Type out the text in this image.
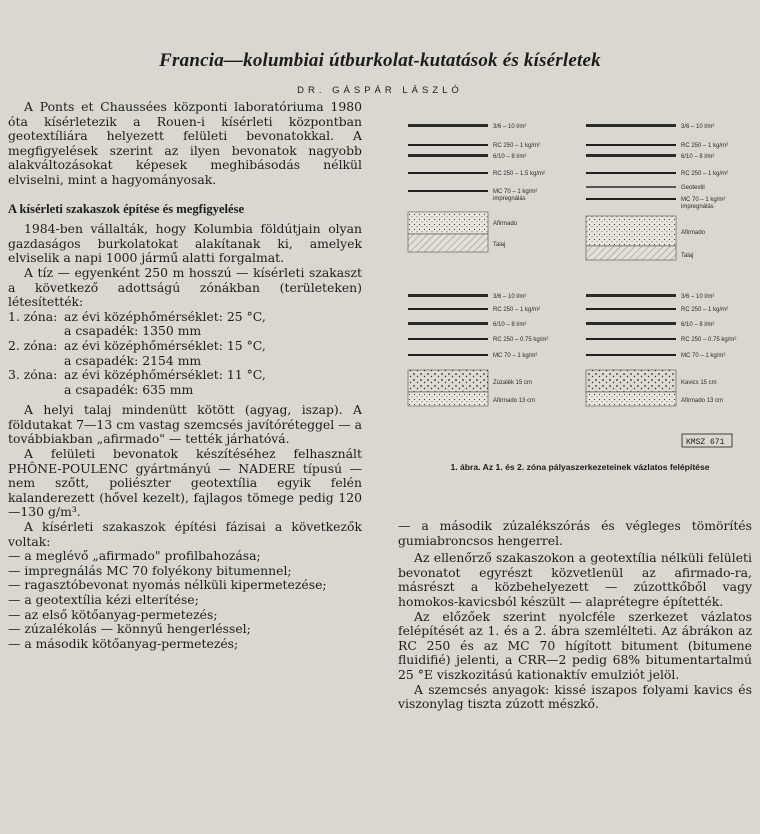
Francia—kolumbiai útburkolat-kutatások és kísérletek
DR. GÁSPÁR LÁSZLÓ

A Ponts et Chaussées központi laboratóriuma 1980 óta kísérletezik a Rouen-i kísérleti központban geotextíliára helyezett felületi bevonatokkal. A megfigyelések szerint az ilyen bevonatok nagyobb alakváltozásokat képesek meghibásodás nélkül elviselni, mint a hagyományosak.

A kísérleti szakaszok építése és megfigyelése

1984-ben vállalták, hogy Kolumbia földútjain olyan gazdaságos burkolatokat alakítanak ki, amelyek elviselik a napi 1000 jármű alatti forgalmat.

A tíz — egyenként 250 m hosszú — kísérleti szakaszt a következő adottságú zónákban (területeken) létesítették:

1. zóna: az évi középhőmérséklet: 25 °C,
a csapadék: 1350 mm
2. zóna: az évi középhőmérséklet: 15 °C,
a csapadék: 2154 mm
3. zóna: az évi középhőmérséklet: 11 °C,
a csapadék: 635 mm

A helyi talaj mindenütt kötött (agyag, iszap). A földutakat 7—13 cm vastag szemcsés javítóréteggel — a továbbiakban „afirmado" — tették járhatóvá.

A felületi bevonatok készítéséhez felhasznált PHÔNE-POULENC gyártmányú — NADERE típusú — nem szőtt, poliészter geotextília egyik felén kalanderezett (hővel kezelt), fajlagos tömege pedig 120—130 g/m³.

A kísérleti szakaszok építési fázisai a következők voltak:

— a meglévő „afirmado" profilbahozása;
— impregnálás MC 70 folyékony bitumennel;
— ragasztóbevonat nyomás nélküli kipermetezése;
— a geotextília kézi elterítése;
— az első kötőanyag-permetezés;
— zúzalékolás — könnyű hengerléssel;
— a második kötőanyag-permetezés;
3/6 – 10 l/m²
RC 250 – 1 kg/m²
6/10 – 8 l/m²
RC 250 – 1.5 kg/m²
MC 70 – 1 kg/m²
impregnálás
Afirmado
Talaj
3/6 – 10 l/m²
RC 250 – 1 kg/m²
6/10 – 8 l/m²
RC 250 – 1 kg/m²
Geotextil
MC 70 – 1 kg/m²
impregnálás
Afirmado
Talaj
3/6 – 10 l/m²
RC 250 – 1 kg/m²
6/10 – 8 l/m²
RC 250 – 0.75 kg/m²
MC 70 – 1 kg/m²
Zúzalék 15 cm
Afirmado 13 cm
3/6 – 10 l/m²
RC 250 – 1 kg/m²
6/10 – 8 l/m²
RC 250 – 0.75 kg/m²
MC 70 – 1 kg/m²
Kavics 15 cm
Afirmado 13 cm
KMSZ 671
1. ábra. Az 1. és 2. zóna pályaszerkezeteinek vázlatos felépítése

— a második zúzalékszórás és végleges tömörítés gumiabroncsos hengerrel.

Az ellenőrző szakaszokon a geotextília nélküli felületi bevonatot egyrészt közvetlenül az afirmado-ra, másrészt a közbehelyezett — zúzottkőből vagy homokos-kavicsból készült — alaprétegre építették.

Az előzőek szerint nyolcféle szerkezet vázlatos felépítését az 1. és a 2. ábra szemlélteti. Az ábrákon az RC 250 és az MC 70 hígított bitument (bitumene fluidifié) jelenti, a CRR—2 pedig 68% bitumentartalmú 25 °E viszkozitású kationaktív emulziót jelöl.

A szemcsés anyagok: kissé iszapos folyami kavics és viszonylag tiszta zúzott mészkő.
